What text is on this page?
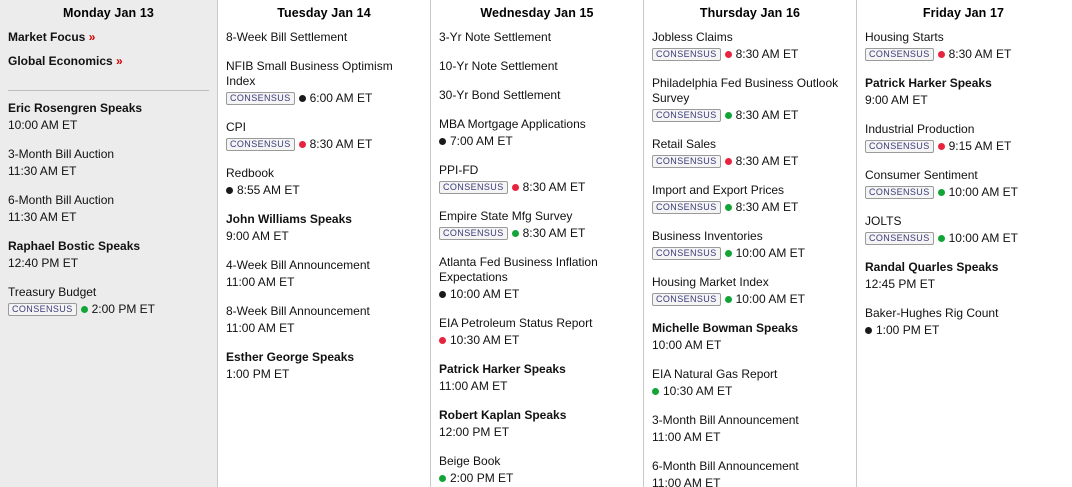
Monday Jan 13
Market Focus »
Global Economics »
Eric Rosengren Speaks
10:00 AM ET
3-Month Bill Auction
11:30 AM ET
6-Month Bill Auction
11:30 AM ET
Raphael Bostic Speaks
12:40 PM ET
Treasury Budget
CONSENSUS	2:00 PM ET
Tuesday Jan 14
8-Week Bill Settlement
NFIB Small Business Optimism Index
CONSENSUS	6:00 AM ET
CPI
CONSENSUS	8:30 AM ET
Redbook
8:55 AM ET
John Williams Speaks
9:00 AM ET
4-Week Bill Announcement
11:00 AM ET
8-Week Bill Announcement
11:00 AM ET
Esther George Speaks
1:00 PM ET
Wednesday Jan 15
3-Yr Note Settlement
10-Yr Note Settlement
30-Yr Bond Settlement
MBA Mortgage Applications
7:00 AM ET
PPI-FD
CONSENSUS	8:30 AM ET
Empire State Mfg Survey
CONSENSUS	8:30 AM ET
Atlanta Fed Business Inflation Expectations
10:00 AM ET
EIA Petroleum Status Report
10:30 AM ET
Patrick Harker Speaks
11:00 AM ET
Robert Kaplan Speaks
12:00 PM ET
Beige Book
2:00 PM ET
Thursday Jan 16
Jobless Claims
CONSENSUS	8:30 AM ET
Philadelphia Fed Business Outlook Survey
CONSENSUS	8:30 AM ET
Retail Sales
CONSENSUS	8:30 AM ET
Import and Export Prices
CONSENSUS	8:30 AM ET
Business Inventories
CONSENSUS	10:00 AM ET
Housing Market Index
CONSENSUS	10:00 AM ET
Michelle Bowman Speaks
10:00 AM ET
EIA Natural Gas Report
10:30 AM ET
3-Month Bill Announcement
11:00 AM ET
6-Month Bill Announcement
11:00 AM ET
Friday Jan 17
Housing Starts
CONSENSUS	8:30 AM ET
Patrick Harker Speaks
9:00 AM ET
Industrial Production
CONSENSUS	9:15 AM ET
Consumer Sentiment
CONSENSUS	10:00 AM ET
JOLTS
CONSENSUS	10:00 AM ET
Randal Quarles Speaks
12:45 PM ET
Baker-Hughes Rig Count
1:00 PM ET
